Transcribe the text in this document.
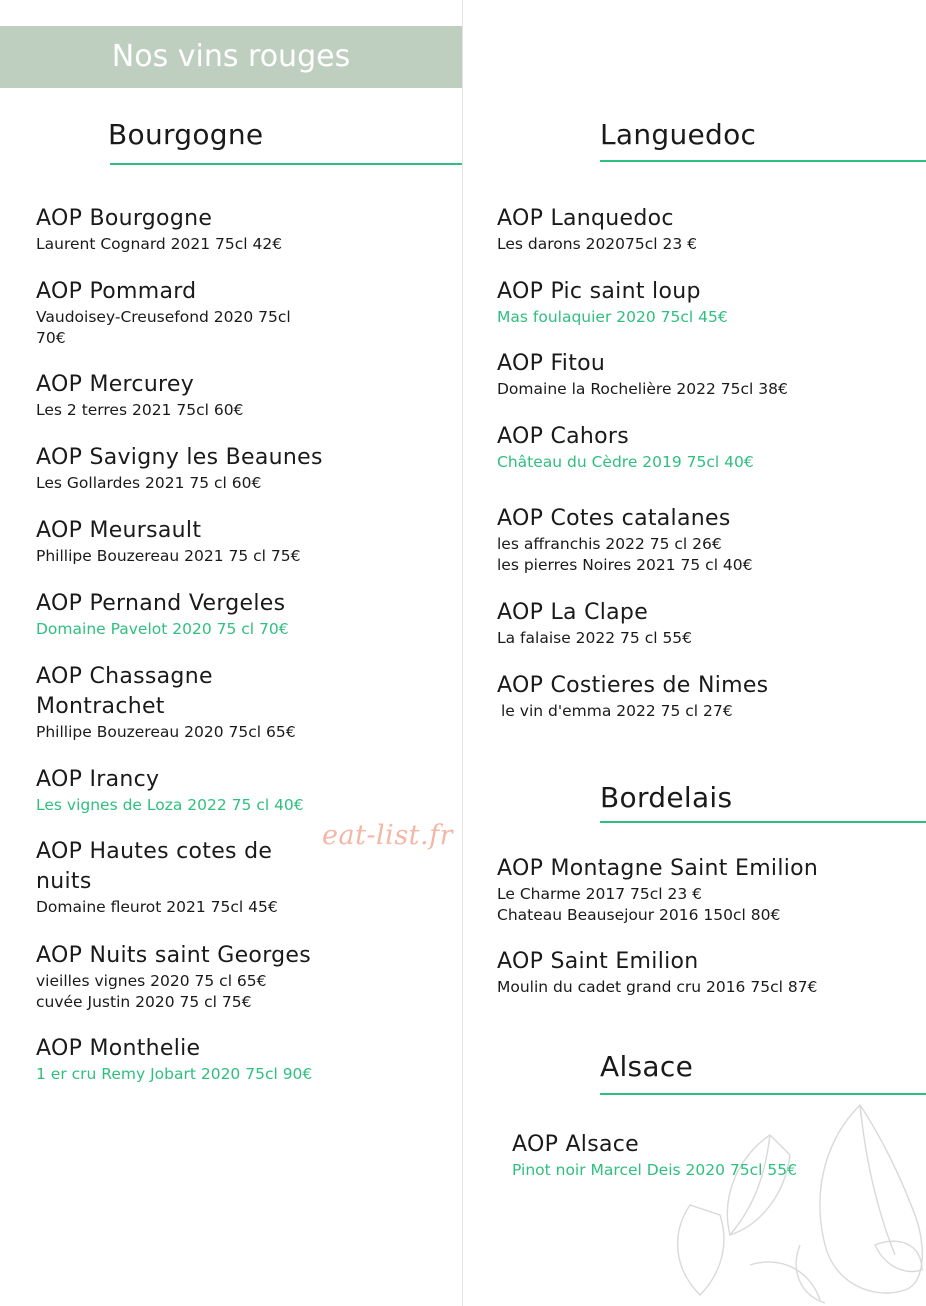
Nos vins rouges
Bourgogne
AOP Bourgogne
Laurent Cognard 2021 75cl 42€
AOP Pommard
Vaudoisey-Creusefond 2020 75cl
70€
AOP Mercurey
Les 2 terres 2021 75cl 60€
AOP Savigny les Beaunes
Les Gollardes 2021 75 cl 60€
AOP Meursault
Phillipe Bouzereau 2021 75 cl 75€
AOP Pernand Vergeles
Domaine Pavelot 2020 75 cl 70€
AOP Chassagne
Montrachet
Phillipe Bouzereau 2020 75cl 65€
AOP Irancy
Les vignes de Loza 2022 75 cl 40€
AOP Hautes cotes de
nuits
Domaine fleurot 2021 75cl 45€
AOP Nuits saint Georges
vieilles vignes 2020 75 cl 65€
cuvée Justin 2020 75 cl 75€
AOP Monthelie
1 er cru Remy Jobart 2020 75cl 90€
eat-list.fr
Languedoc
AOP Lanquedoc
Les darons 202075cl 23 €
AOP Pic saint loup
Mas foulaquier 2020 75cl 45€
AOP Fitou
Domaine la Rochelière 2022 75cl 38€
AOP Cahors
Château du Cèdre 2019 75cl 40€
AOP Cotes catalanes
les affranchis 2022 75 cl 26€
les pierres Noires 2021 75 cl 40€
AOP La Clape
La falaise 2022 75 cl 55€
AOP Costieres de Nimes
le vin d'emma 2022 75 cl 27€
Bordelais
AOP Montagne Saint Emilion
Le Charme 2017 75cl 23 €
Chateau Beausejour 2016 150cl 80€
AOP Saint Emilion
Moulin du cadet grand cru 2016 75cl 87€
Alsace
AOP Alsace
Pinot noir Marcel Deis 2020 75cl 55€
